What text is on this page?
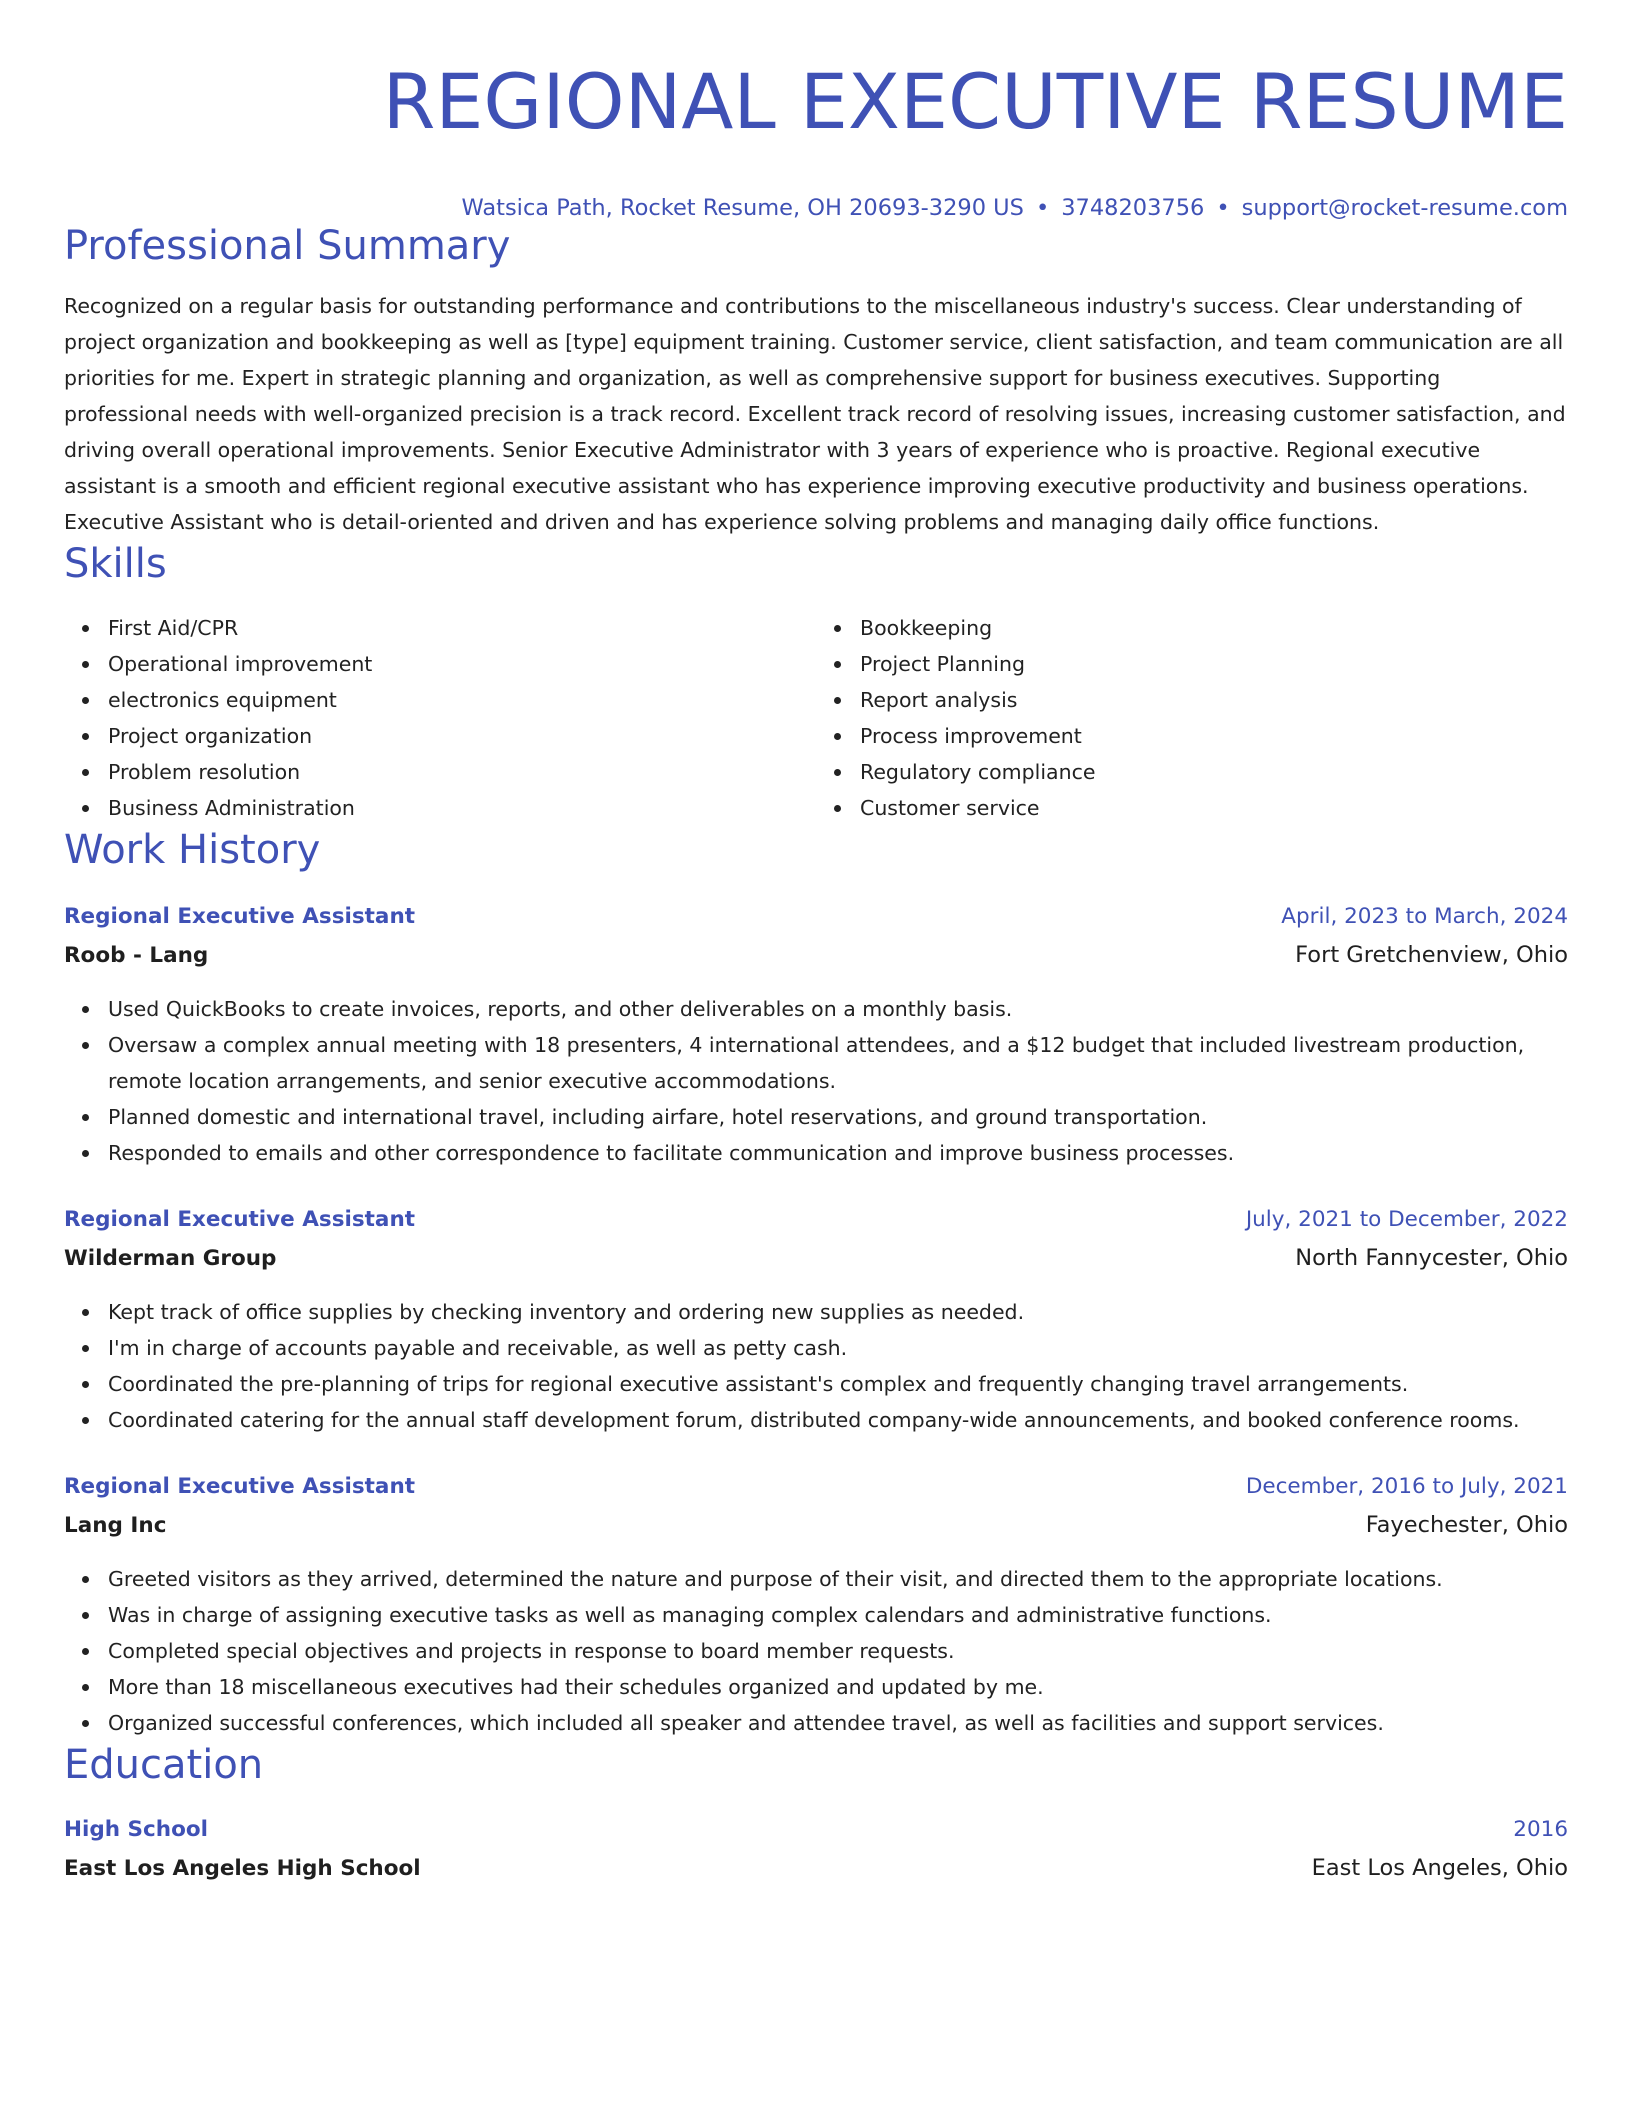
REGIONAL EXECUTIVE RESUME
Watsica Path, Rocket Resume, OH 20693-3290 US • 3748203756 • support@rocket-resume.com
Professional Summary
Recognized on a regular basis for outstanding performance and contributions to the miscellaneous industry's success. Clear understanding of project organization and bookkeeping as well as [type] equipment training. Customer service, client satisfaction, and team communication are all priorities for me. Expert in strategic planning and organization, as well as comprehensive support for business executives. Supporting professional needs with well-organized precision is a track record. Excellent track record of resolving issues, increasing customer satisfaction, and driving overall operational improvements. Senior Executive Administrator with 3 years of experience who is proactive. Regional executive assistant is a smooth and efficient regional executive assistant who has experience improving executive productivity and business operations. Executive Assistant who is detail-oriented and driven and has experience solving problems and managing daily office functions.
Skills
First Aid/CPR
Operational improvement
electronics equipment
Project organization
Problem resolution
Business Administration
Bookkeeping
Project Planning
Report analysis
Process improvement
Regulatory compliance
Customer service
Work History
Regional Executive Assistant	April, 2023 to March, 2024
Roob - Lang	Fort Gretchenview, Ohio
Used QuickBooks to create invoices, reports, and other deliverables on a monthly basis.
Oversaw a complex annual meeting with 18 presenters, 4 international attendees, and a $12 budget that included livestream production, remote location arrangements, and senior executive accommodations.
Planned domestic and international travel, including airfare, hotel reservations, and ground transportation.
Responded to emails and other correspondence to facilitate communication and improve business processes.
Regional Executive Assistant	July, 2021 to December, 2022
Wilderman Group	North Fannycester, Ohio
Kept track of office supplies by checking inventory and ordering new supplies as needed.
I'm in charge of accounts payable and receivable, as well as petty cash.
Coordinated the pre-planning of trips for regional executive assistant's complex and frequently changing travel arrangements.
Coordinated catering for the annual staff development forum, distributed company-wide announcements, and booked conference rooms.
Regional Executive Assistant	December, 2016 to July, 2021
Lang Inc	Fayechester, Ohio
Greeted visitors as they arrived, determined the nature and purpose of their visit, and directed them to the appropriate locations.
Was in charge of assigning executive tasks as well as managing complex calendars and administrative functions.
Completed special objectives and projects in response to board member requests.
More than 18 miscellaneous executives had their schedules organized and updated by me.
Organized successful conferences, which included all speaker and attendee travel, as well as facilities and support services.
Education
High School	2016
East Los Angeles High School	East Los Angeles, Ohio
